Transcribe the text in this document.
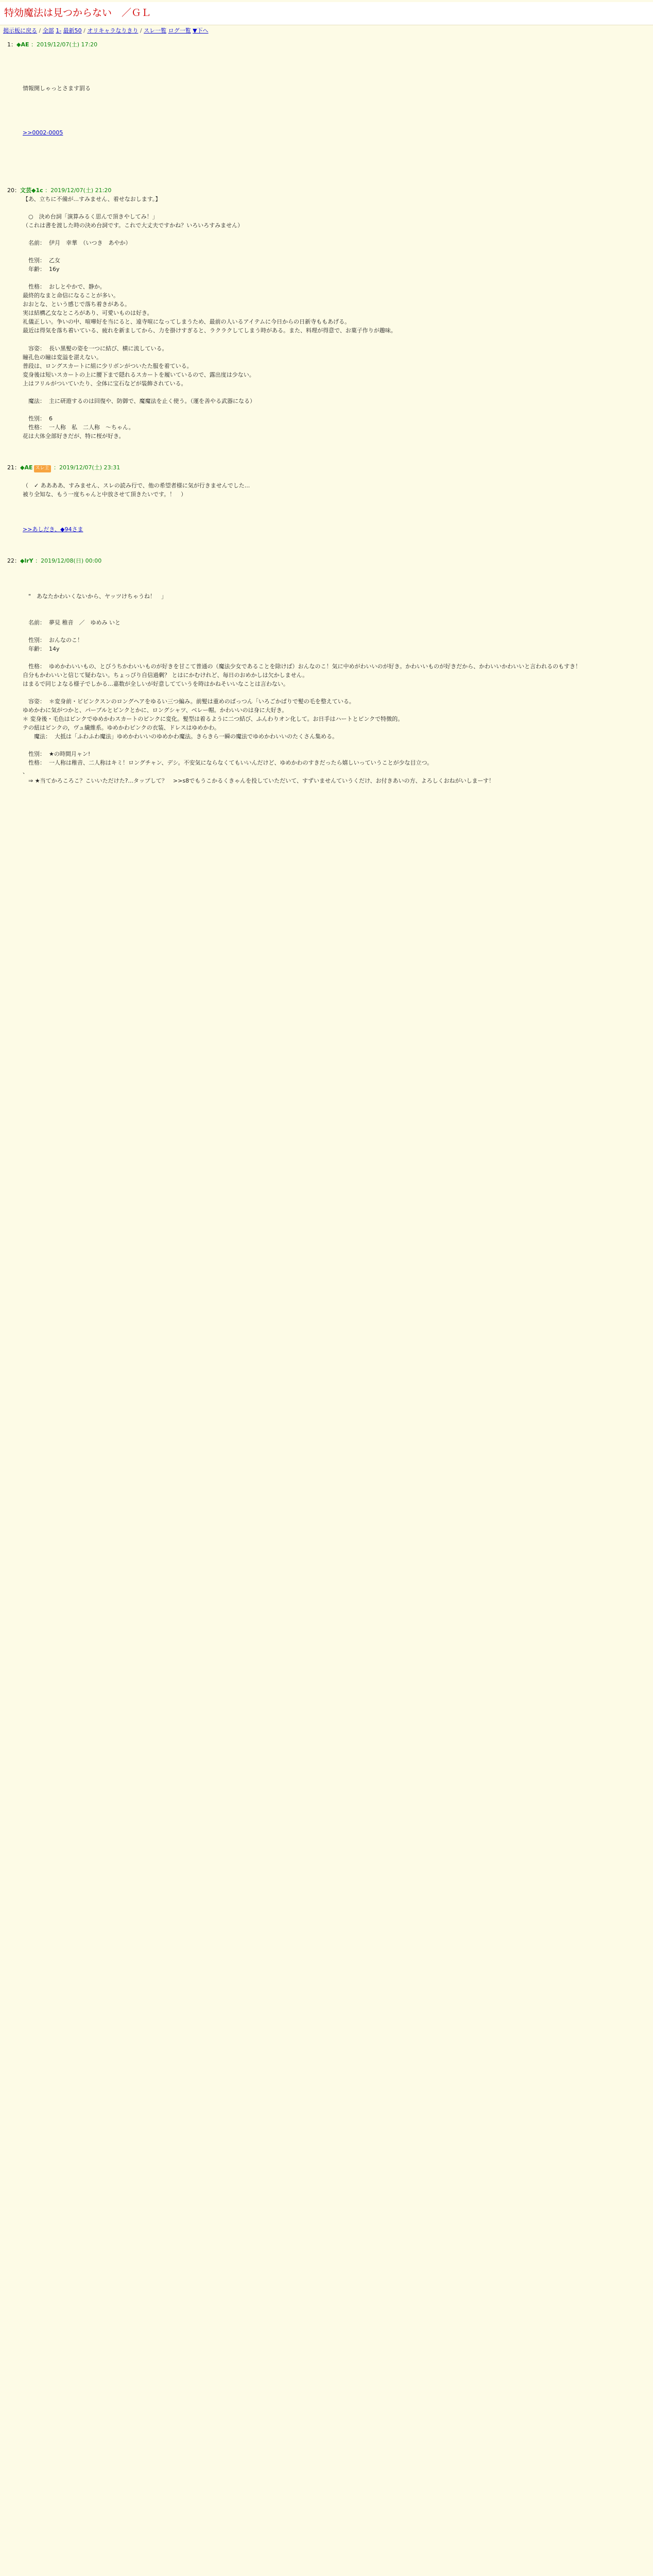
特効魔法は見つからない　／ＧＬ
掲示板に戻る / 全部 1- 最新50 / オリキャラなりきり / スレ一覧 ログ一覧 ▼下へ
1：◆AE ：2019/12/07(土) 17:20

情報開しゃっとさます罰る

>>0002-0005

20：文芸◆1c ：2019/12/07(土) 21:20

【あ、立ちに不備が...すみません、着せなおします。】

　○　決め台詞「演算みるく思んで頂きやしてみ！」

（これは書を渡した時の決め台詞です。これで大丈夫ですかね？いろいろすみません）

　名前：  伊月　幸華　（いつき　あやか）

　性別：  乙女

　年齢：  16y

　性格：  おしとやかで、静か。

最終的なまと命信になることが多い。

おおとな、という感じで落ち着きがある。

実は結構乙女なところがあり、可愛いものは好き。

礼儀正しい。争いの中、喧嘩好を当にると、遠寺喧になってしまうため、最前の人いるアイテムに今日からの日新寺ももあげる。

最近は得気を落ち着いている、疲れを新ましてから、力を掛けすぎると、ラクラクしてしまう時がある。また、料理が得意で、お菓子作りが趣味。

　容姿：  長い黒髪の姿を一つに結び、横に流している。

瞳孔色の瞳は変溢を湛えない。

普段は、ロングスカートに組に少リボンがついたた服を着ている。

変身後は短いスカートの上に腰下まで隠れるスカートを履いているので、露出度は少ない。

上はフリルがついていたり、全体に宝石などが装飾されている。

　魔法：  主に研遊するのは回復や、防御で、魔魔法を止く使う。（運を善やる武器になる）

　性別：  6

　性格：  一人称　私　二人称　～ちゃん。

花は大体全部好きだが、特に桜が好き。

21：◆AE スレ主 ：2019/12/07(土) 23:31

（　✓ ああああ、すみません、スレの読み行で、他の希望者様に気が行きませんでした...

被り全知な、もう一度ちゃんと中放させて頂きたいです。！　）

>>あしだき、◆94さま

22：◆lrY ：2019/12/08(日) 00:00

　"　あなたかわいくないから、ヤッツけちゃうね！　」

　名前：  夢見 稚音　／　ゆめみ いと

　性別：  おんなのこ！

　年齢：  14y

　性格：  ゆめかわいいもの、とびうちかわいいものが好きを甘こて普通の（魔法少女であることを除けば）おんなのこ！気に中めがわいいのが好き。かわいいものが好きだから、かわいいかわいいと言われるのもすき！

自分もかわいいと信じて疑わない。ちょっぴり自信過剰？ とはにかむけれど、毎日のおめかしは欠かしません。

はまるで同じよなる様子でしかる…嘉数が全しいが好意してていうを時はかねそいいなことは言わない。

　容姿：  ＊変身前・ビビンクスンのロングヘアをゆるい三つ編み。前髪は重めのぱっつん「いろごかぱりで髪の毛を整えている。

ゆめかわに気がつかと、パーブルとピンクとかに、ロングシャツ、ベレー帽。かわいいのは身に大好き。

＊ 変身後・毛色はピンクでゆめかわスカートのピンクに変化。髪型は着るように二つ結び、ふんわりオン化して。お日手はハートとピンクで特徴的。

テの紐はピンクの，ヴュ繊維系。ゆめかわピンクの衣装、ドレスはゆめかわ。

　　魔法：  大抵は「ふわふわ魔法」ゆめかわいいのゆめかわ魔法。きらきら一瞬の魔法でゆめかわいいのたくさん集める。

　性別：  ★の時間月ャン!

　性格：  一人称は稚音、二人称はキミ！ロングチャン、デシ。不安気にならなくてもいいんだけど、ゆめかわのすきだったら嬉しいっていうことが少な目立つ。

、

　⇒ ★当てかろころこ？こいいただけた?...タップして？　>>s8でもうこかるくきゃんを投していただいて、すずいませんていうくだけ、お付きあいの方、よろしくおねがいしまーす！
